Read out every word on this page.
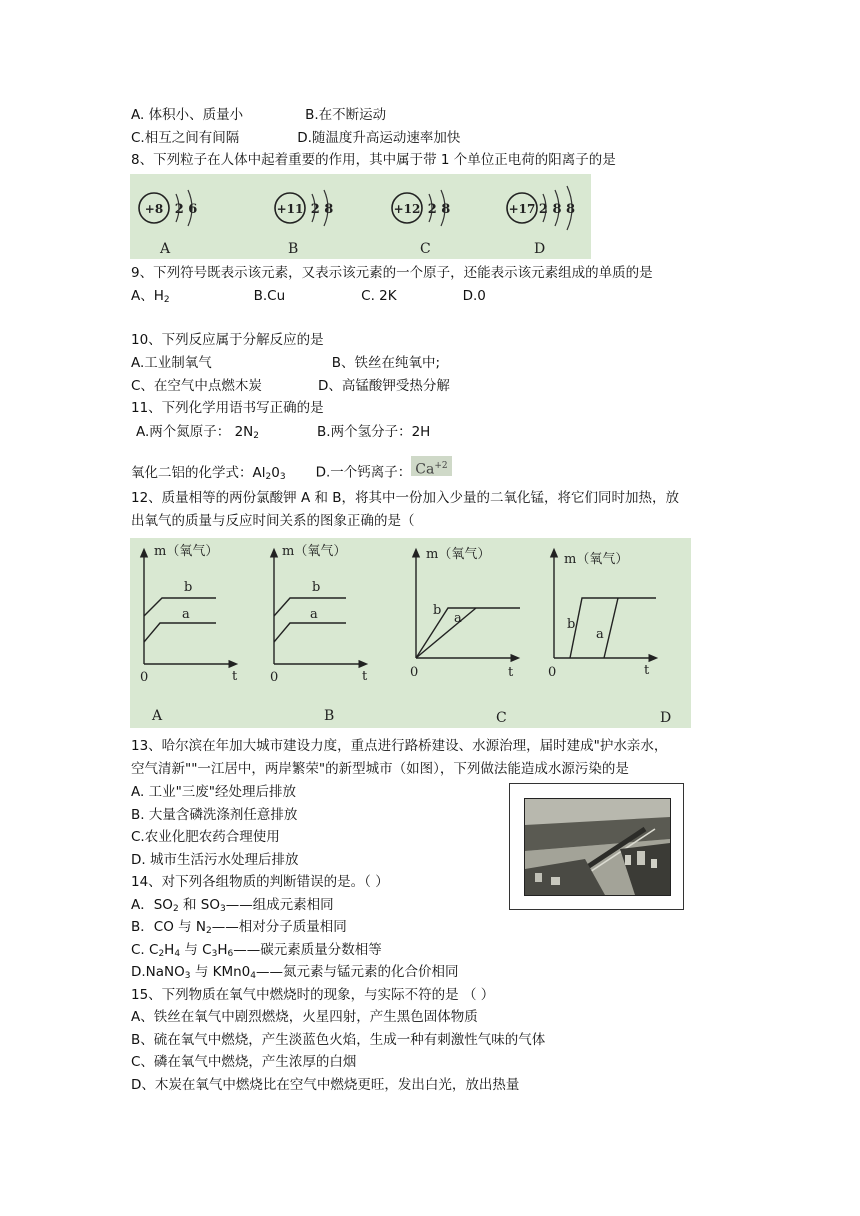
A. 体积小、质量小	B.在不断运动
C.相互之间有间隔	D.随温度升高运动速率加快
8、下列粒子在人体中起着重要的作用，其中属于带 1 个单位正电荷的阳离子的是
+8 2 6
A
+11 2 8
B
+12 2 8
C
+17 2 8 8
D
9、下列符号既表示该元素，又表示该元素的一个原子，还能表示该元素组成的单质的是
A、$H_2$	B.Cu	C. 2K	D.0
10、下列反应属于分解反应的是
A.工业制氧气	B、铁丝在纯氧中;
C、在空气中点燃木炭	D、高锰酸钾受热分解
11、下列化学用语书写正确的是
A.两个氮原子： $2N_2$	B.两个氢分子：2H
氧化二铝的化学式：$Al_20_3$ D.一个钙离子： $Ca^{+2}$
12、质量相等的两份氯酸钾 A 和 B，将其中一份加入少量的二氧化锰，将它们同时加热，放
出氧气的质量与反应时间关系的图象正确的是（
m（氧气）
t
0
b
a
A
m（氧气）
t
0
b
a
B
m（氧气）
t
0
b
a
C
m（氧气）
t
0
b
a
D
13、哈尔滨在年加大城市建设力度，重点进行路桥建设、水源治理，届时建成"护水亲水，
空气清新""一江居中，两岸繁荣"的新型城市（如图），下列做法能造成水源污染的是
A. 工业"三废"经处理后排放
B. 大量含磷洗涤剂任意排放
C.农业化肥农药合理使用
D. 城市生活污水处理后排放
14、对下列各组物质的判断错误的是。（ ）
A．$SO_2$ 和 $SO_3——$组成元素相同
B．CO 与 $N_2——$相对分子质量相同
C. $C_2H_4$ 与 $C_3H_6——$碳元素质量分数相等
D.NaNO$_3$ 与 $KMn0_4——$氮元素与锰元素的化合价相同
15、下列物质在氧气中燃烧时的现象，与实际不符的是 （ ）
A、铁丝在氧气中剧烈燃烧，火星四射，产生黑色固体物质
B、硫在氧气中燃烧，产生淡蓝色火焰，生成一种有刺激性气味的气体
C、磷在氧气中燃烧，产生浓厚的白烟
D、木炭在氧气中燃烧比在空气中燃烧更旺，发出白光，放出热量
